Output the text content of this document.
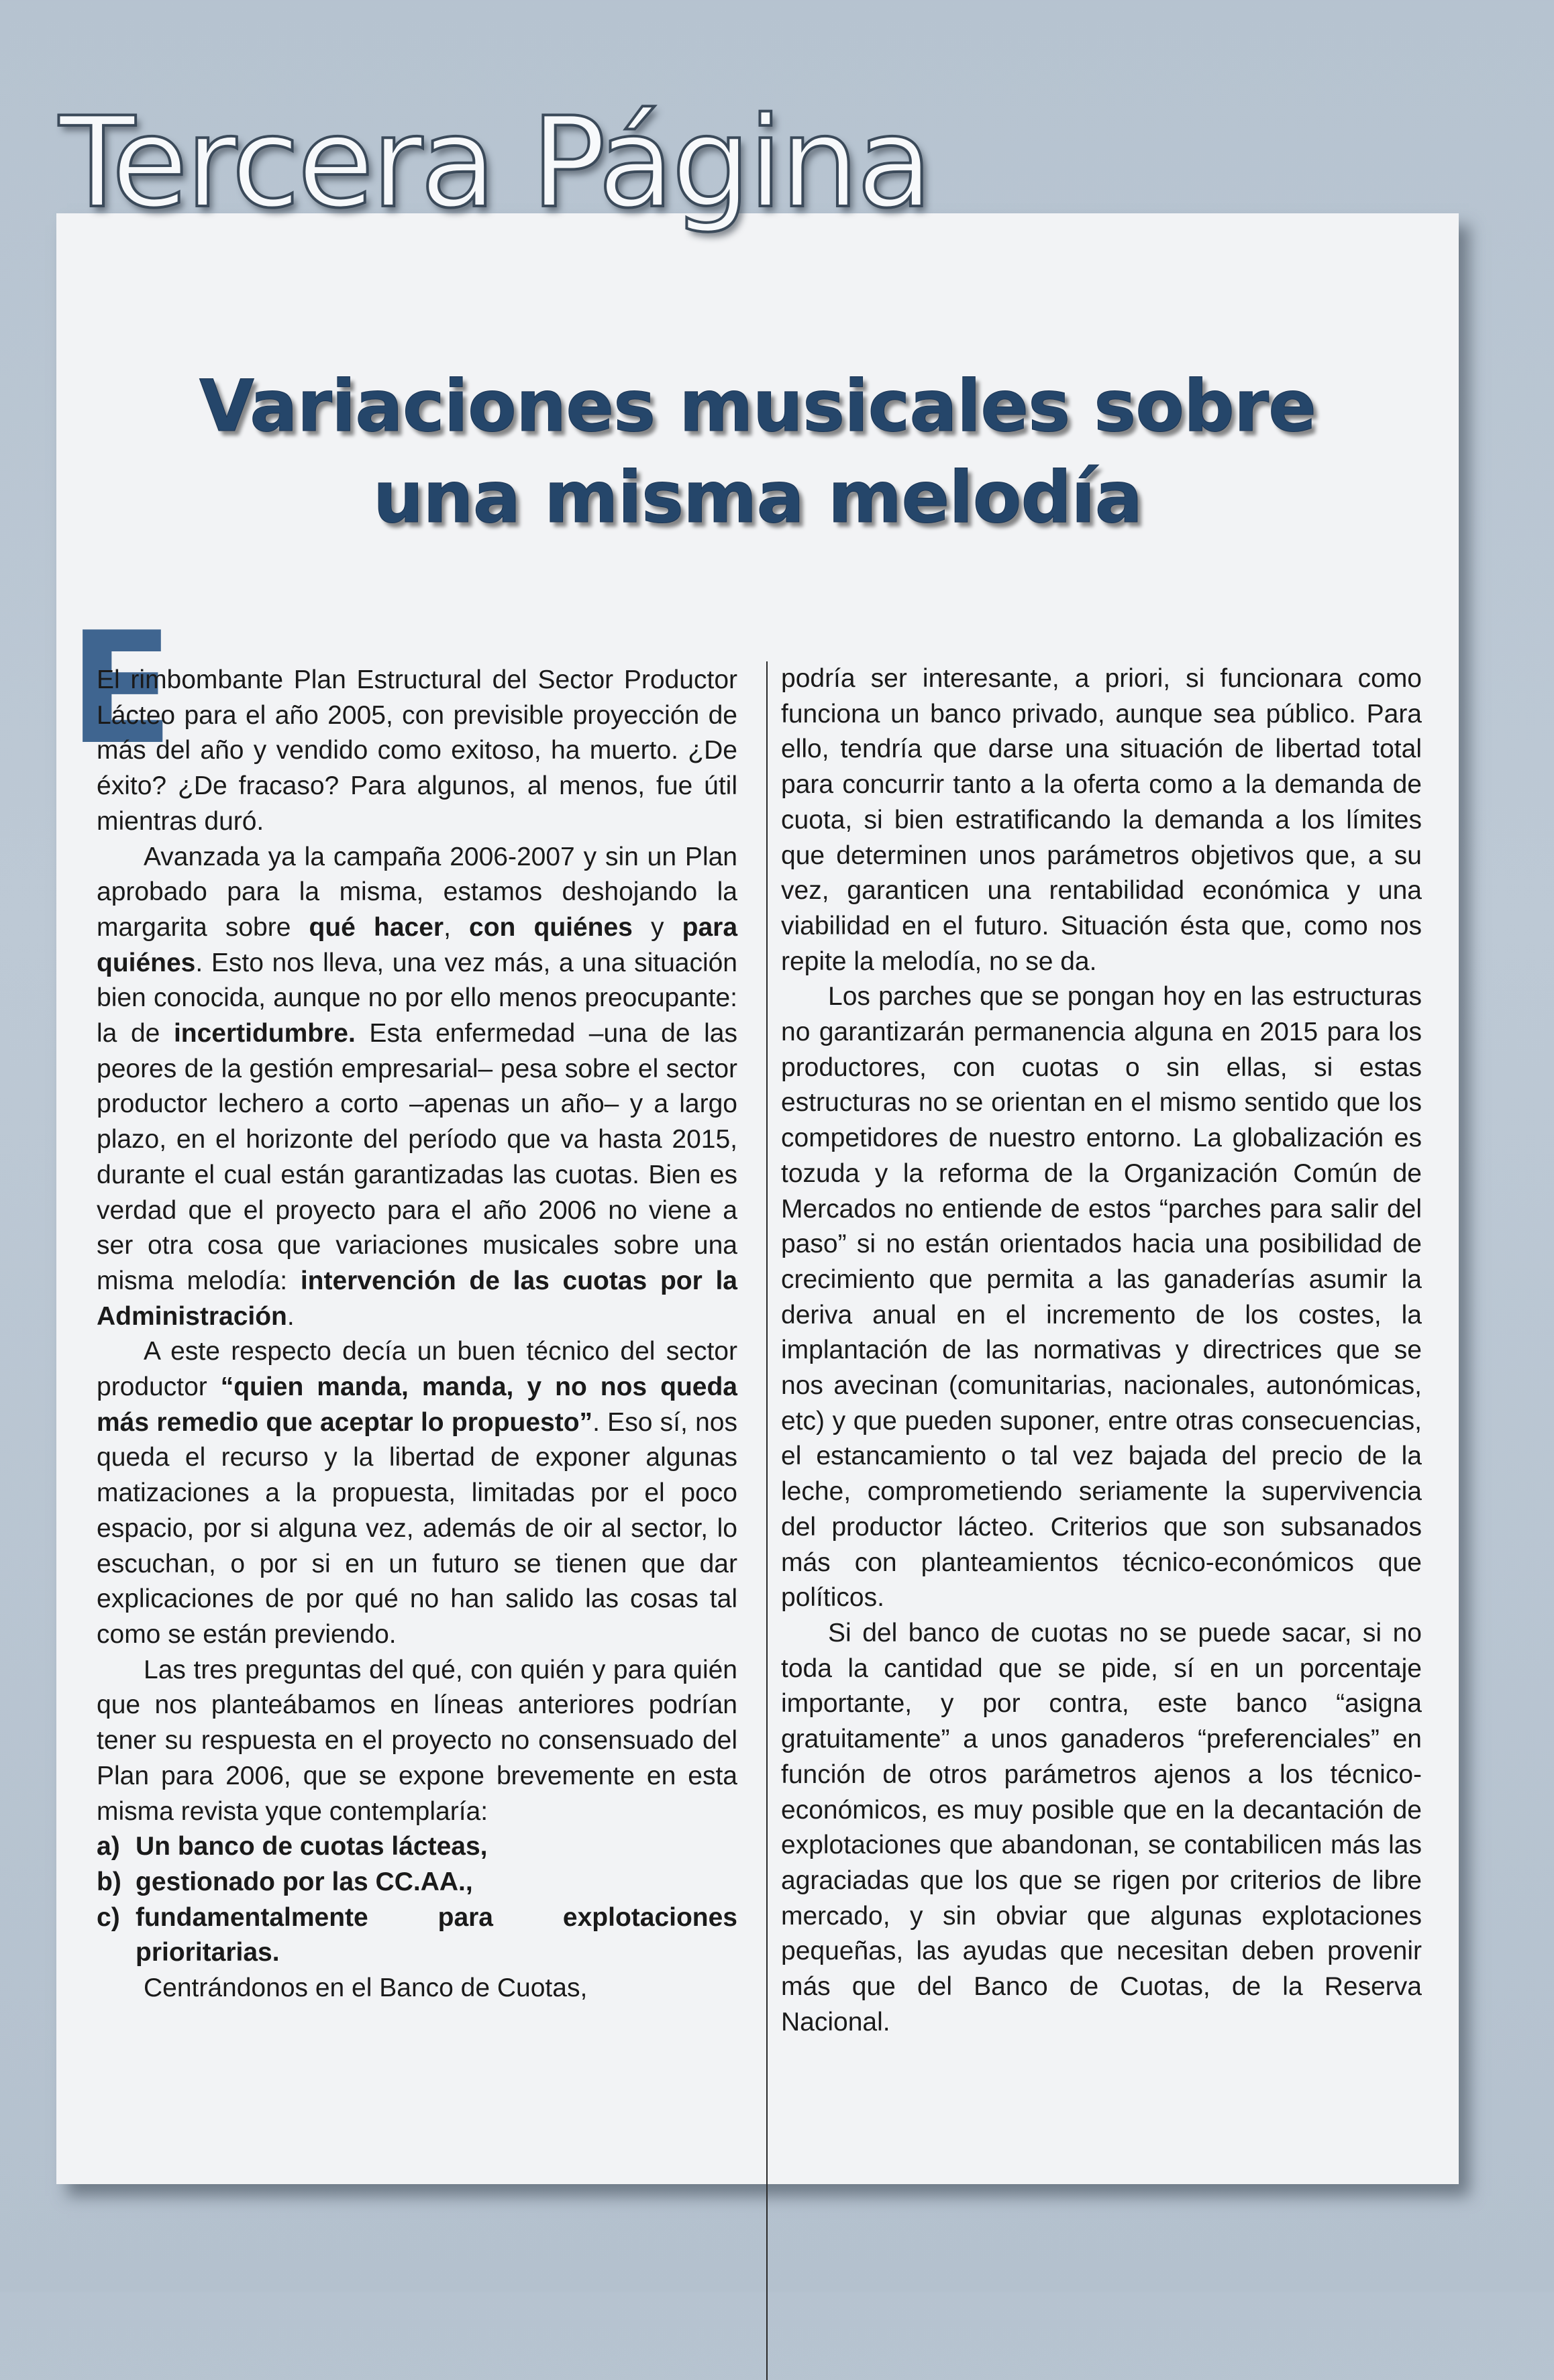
Tercera Página
Variaciones musicales sobre
una misma melodía
E

El rimbombante Plan Estructural del Sector Productor Lácteo para el año 2005, con previsible proyección de más del año y vendido como exitoso, ha muerto. ¿De éxito? ¿De fracaso? Para algunos, al menos, fue útil mientras duró.

Avanzada ya la campaña 2006-2007 y sin un Plan aprobado para la misma, estamos deshojando la margarita sobre qué hacer, con quiénes y para quiénes. Esto nos lleva, una vez más, a una situación bien conocida, aunque no por ello menos preocupante: la de incertidumbre. Esta enfermedad –una de las peores de la gestión empresarial– pesa sobre el sector productor lechero a corto –apenas un año– y a largo plazo, en el horizonte del período que va hasta 2015, durante el cual están garantizadas las cuotas. Bien es verdad que el proyecto para el año 2006 no viene a ser otra cosa que variaciones musicales sobre una misma melodía: intervención de las cuotas por la Administración.

A este respecto decía un buen técnico del sector productor “quien manda, manda, y no nos queda más remedio que aceptar lo propuesto”. Eso sí, nos queda el recurso y la libertad de exponer algunas matizaciones a la propuesta, limitadas por el poco espacio, por si alguna vez, además de oir al sector, lo escuchan, o por si en un futuro se tienen que dar explicaciones de por qué no han salido las cosas tal como se están previendo.

Las tres preguntas del qué, con quién y para quién que nos planteábamos en líneas anteriores podrían tener su respuesta en el proyecto no consensuado del Plan para 2006, que se expone brevemente en esta misma revista yque contemplaría:

a) Un banco de cuotas lácteas,
b) gestionado por las CC.AA.,
c) fundamentalmente para explotaciones prioritarias.

Centrándonos en el Banco de Cuotas,

podría ser interesante, a priori, si funcionara como funciona un banco privado, aunque sea público. Para ello, tendría que darse una situación de libertad total para concurrir tanto a la oferta como a la demanda de cuota, si bien estratificando la demanda a los límites que determinen unos parámetros objetivos que, a su vez, garanticen una rentabilidad económica y una viabilidad en el futuro. Situación ésta que, como nos repite la melodía, no se da.

Los parches que se pongan hoy en las estructuras no garantizarán permanencia alguna en 2015 para los productores, con cuotas o sin ellas, si estas estructuras no se orientan en el mismo sentido que los competidores de nuestro entorno. La globalización es tozuda y la reforma de la Organización Común de Mercados no entiende de estos “parches para salir del paso” si no están orientados hacia una posibilidad de crecimiento que permita a las ganaderías asumir la deriva anual en el incremento de los costes, la implantación de las normativas y directrices que se nos avecinan (comunitarias, nacionales, autonómicas, etc) y que pueden suponer, entre otras consecuencias, el estancamiento o tal vez bajada del precio de la leche, comprometiendo seriamente la supervivencia del productor lácteo. Criterios que son subsanados más con planteamientos técnico-económicos que políticos.

Si del banco de cuotas no se puede sacar, si no toda la cantidad que se pide, sí en un porcentaje importante, y por contra, este banco “asigna gratuitamente” a unos ganaderos “preferenciales” en función de otros parámetros ajenos a los técnico-económicos, es muy posible que en la decantación de explotaciones que abandonan, se contabilicen más las agraciadas que los que se rigen por criterios de libre mercado, y sin obviar que algunas explotaciones pequeñas, las ayudas que necesitan deben provenir más que del Banco de Cuotas, de la Reserva Nacional.
